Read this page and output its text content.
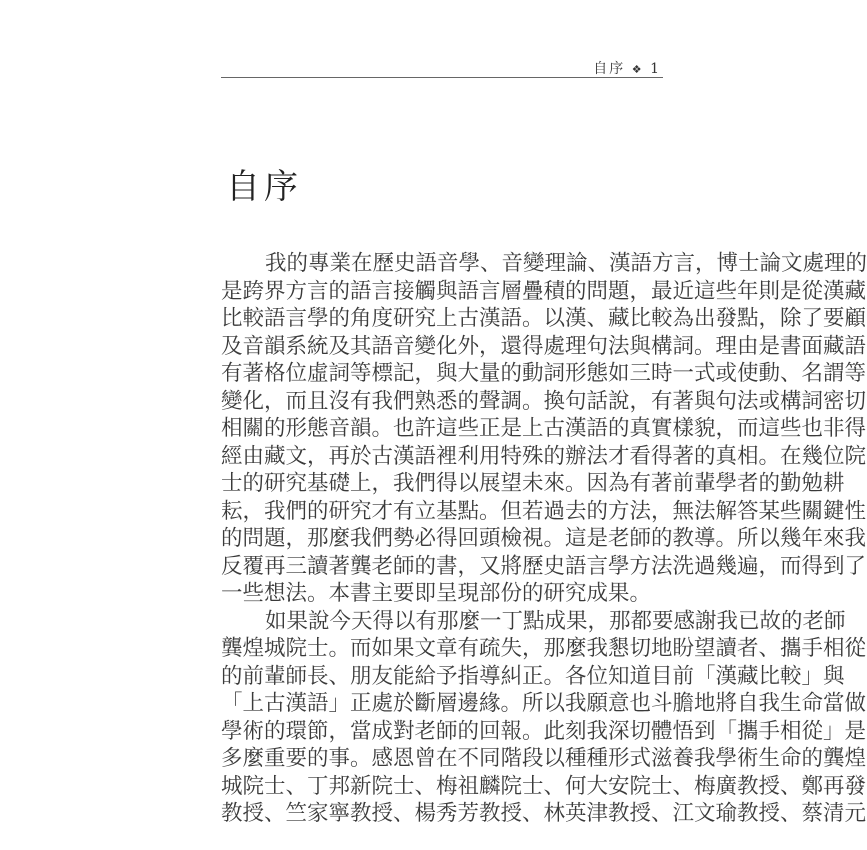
自序 ❖ 1
自序
我的專業在歷史語音學、音變理論、漢語方言，博士論文處理的
是跨界方言的語言接觸與語言層疊積的問題，最近這些年則是從漢藏
比較語言學的角度研究上古漢語。以漢、藏比較為出發點，除了要顧
及音韻系統及其語音變化外，還得處理句法與構詞。理由是書面藏語
有著格位虛詞等標記，與大量的動詞形態如三時一式或使動、名謂等
變化，而且沒有我們熟悉的聲調。換句話說，有著與句法或構詞密切
相關的形態音韻。也許這些正是上古漢語的真實樣貌，而這些也非得
經由藏文，再於古漢語裡利用特殊的辦法才看得著的真相。在幾位院
士的研究基礎上，我們得以展望未來。因為有著前輩學者的勤勉耕
耘，我們的研究才有立基點。但若過去的方法，無法解答某些關鍵性
的問題，那麼我們勢必得回頭檢視。這是老師的教導。所以幾年來我
反覆再三讀著龔老師的書，又將歷史語言學方法洗過幾遍，而得到了
一些想法。本書主要即呈現部份的研究成果。
如果說今天得以有那麼一丁點成果，那都要感謝我已故的老師
龔煌城院士。而如果文章有疏失，那麼我懇切地盼望讀者、攜手相從
的前輩師長、朋友能給予指導糾正。各位知道目前「漢藏比較」與
「上古漢語」正處於斷層邊緣。所以我願意也斗膽地將自我生命當做
學術的環節，當成對老師的回報。此刻我深切體悟到「攜手相從」是
多麼重要的事。感恩曾在不同階段以種種形式滋養我學術生命的龔煌
城院士、丁邦新院士、梅祖麟院士、何大安院士、梅廣教授、鄭再發
教授、竺家寧教授、楊秀芳教授、林英津教授、江文瑜教授、蔡清元
